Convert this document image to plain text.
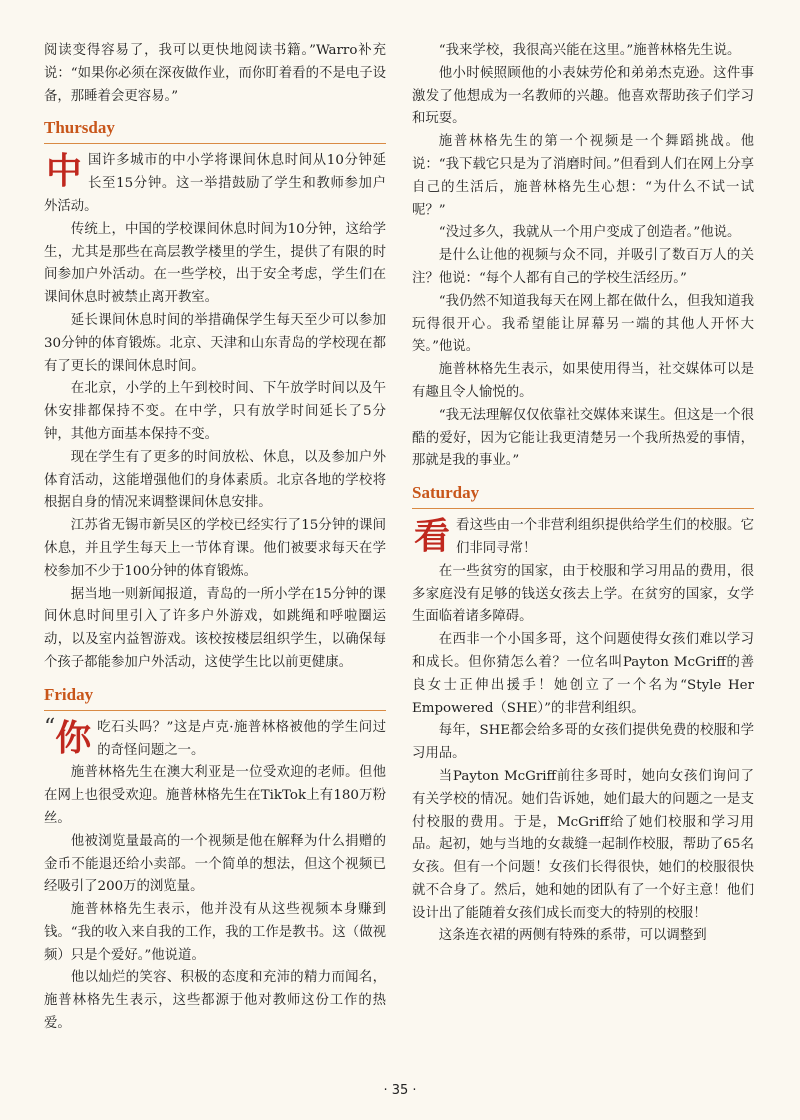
阅读变得容易了，我可以更快地阅读书籍。”Warro补充说：“如果你必须在深夜做作业，而你盯着看的不是电子设备，那睡着会更容易。”

Thursday
中 国许多城市的中小学将课间休息时间从10分钟延长至15分钟。这一举措鼓励了学生和教师参加户外活动。

传统上，中国的学校课间休息时间为10分钟，这给学生，尤其是那些在高层教学楼里的学生，提供了有限的时间参加户外活动。在一些学校，出于安全考虑，学生们在课间休息时被禁止离开教室。

延长课间休息时间的举措确保学生每天至少可以参加30分钟的体育锻炼。北京、天津和山东青岛的学校现在都有了更长的课间休息时间。

在北京，小学的上午到校时间、下午放学时间以及午休安排都保持不变。在中学，只有放学时间延长了5分钟，其他方面基本保持不变。

现在学生有了更多的时间放松、休息，以及参加户外体育活动，这能增强他们的身体素质。北京各地的学校将根据自身的情况来调整课间休息安排。

江苏省无锡市新吴区的学校已经实行了15分钟的课间休息，并且学生每天上一节体育课。他们被要求每天在学校参加不少于100分钟的体育锻炼。

据当地一则新闻报道，青岛的一所小学在15分钟的课间休息时间里引入了许多户外游戏，如跳绳和呼啦圈运动，以及室内益智游戏。该校按楼层组织学生，以确保每个孩子都能参加户外活动，这使学生比以前更健康。

Friday
“ 你 吃石头吗？”这是卢克·施普林格被他的学生问过的奇怪问题之一。

施普林格先生在澳大利亚是一位受欢迎的老师。但他在网上也很受欢迎。施普林格先生在TikTok上有180万粉丝。

他被浏览量最高的一个视频是他在解释为什么捐赠的金币不能退还给小卖部。一个简单的想法，但这个视频已经吸引了200万的浏览量。

施普林格先生表示，他并没有从这些视频本身赚到钱。“我的收入来自我的工作，我的工作是教书。这（做视频）只是个爱好。”他说道。

他以灿烂的笑容、积极的态度和充沛的精力而闻名，施普林格先生表示，这些都源于他对教师这份工作的热爱。

“我来学校，我很高兴能在这里。”施普林格先生说。

他小时候照顾他的小表妹劳伦和弟弟杰克逊。这件事激发了他想成为一名教师的兴趣。他喜欢帮助孩子们学习和玩耍。

施普林格先生的第一个视频是一个舞蹈挑战。他说：“我下载它只是为了消磨时间。”但看到人们在网上分享自己的生活后，施普林格先生心想：“为什么不试一试呢？”

“没过多久，我就从一个用户变成了创造者。”他说。

是什么让他的视频与众不同，并吸引了数百万人的关注？他说：“每个人都有自己的学校生活经历。”

“我仍然不知道我每天在网上都在做什么，但我知道我玩得很开心。我希望能让屏幕另一端的其他人开怀大笑。”他说。

施普林格先生表示，如果使用得当，社交媒体可以是有趣且令人愉悦的。

“我无法理解仅仅依靠社交媒体来谋生。但这是一个很酷的爱好，因为它能让我更清楚另一个我所热爱的事情，那就是我的事业。”

Saturday
看 看这些由一个非营利组织提供给学生们的校服。它们非同寻常！

在一些贫穷的国家，由于校服和学习用品的费用，很多家庭没有足够的钱送女孩去上学。在贫穷的国家，女学生面临着诸多障碍。

在西非一个小国多哥，这个问题使得女孩们难以学习和成长。但你猜怎么着？一位名叫Payton McGriff的善良女士正伸出援手！她创立了一个名为“Style Her Empowered（SHE）”的非营利组织。

每年，SHE都会给多哥的女孩们提供免费的校服和学习用品。

当Payton McGriff前往多哥时，她向女孩们询问了有关学校的情况。她们告诉她，她们最大的问题之一是支付校服的费用。于是，McGriff给了她们校服和学习用品。起初，她与当地的女裁缝一起制作校服，帮助了65名女孩。但有一个问题！女孩们长得很快，她们的校服很快就不合身了。然后，她和她的团队有了一个好主意！他们设计出了能随着女孩们成长而变大的特别的校服！

这条连衣裙的两侧有特殊的系带，可以调整到

· 35 ·
